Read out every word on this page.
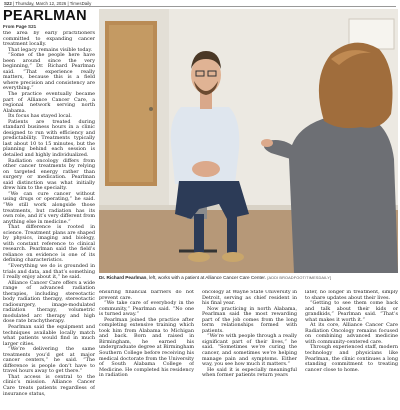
S22 | Thursday, March 12, 2026 | TimesDaily
PEARLMAN
From Page S21

the area by early practitioners committed to expanding cancer treatment locally.

That legacy remains visible today.

“Some of the people here have been around since the very beginning,” Dr. Richard Pearlman said. “That experience really matters, because this is a field where precision and consistency are everything.”

The practice eventually became part of Alliance Cancer Care, a regional network serving north Alabama.

Its focus has stayed local.

Patients are treated during standard business hours in a clinic designed to run with efficiency and predictability. Treatments typically last about 10 to 15 minutes, but the planning behind each session is detailed and highly individualized.

Radiation oncology differs from other cancer treatments by relying on targeted energy rather than surgery or medication. Pearlman said distinction was what initially drew him to the specialty.

“We can cure cancer without using drugs or operating,” he said. “We still work alongside those treatments, but radiation has its own role, and it’s very different from anything else in medicine.”

That difference is rooted in science. Treatment plans are shaped by physics, imaging and biology, with constant reference to clinical research. Pearlman said the field’s reliance on evidence is one of its defining characteristics.

“Everything we do is grounded in trials and data, and that’s something I really enjoy about it,” he said.

Alliance Cancer Care offers a wide range of advanced radiation therapies, including stereotactic body radiation therapy, stereotactic radiosurgery, image-modulated radiation therapy, volumetric modulated arc therapy and high dose rate brachytherapy.

Pearlman said the equipment and techniques available locally match what patients would find in much larger cities.

“We’re delivering the same treatments you’d get at major cancer centers,” he said. “The difference is people don’t have to travel hours away to get there.”

That access is central to the clinic’s mission. Alliance Cancer Care treats patients regardless of insurance status,

Dr. Richard Pearlman, left, works with a patient at Alliance Cancer Care Center. [ADDI BROADFOOT/TIMESDAILY]

ensuring financial barriers do not prevent care.

“We take care of everybody in the community,” Pearlman said. “No one is turned away.”

Pearlman joined the practice after completing extensive training which took him from Alabama to Michigan and back. Born and raised in Birmingham, he earned his undergraduate degree at Birmingham Southern College before receiving his medical doctorate from the University of South Alabama College of Medicine. He completed his residency in radiation

oncology at Wayne State University in Detroit, serving as chief resident in his final year.

Now practicing in north Alabama, Pearlman said the most rewarding part of the job comes from the long term relationships formed with patients.

“We’re with people through a really significant part of their lives,” he said. “Sometimes we’re curing the cancer, and sometimes we’re helping manage pain and symptoms. Either way, you see how much it matters.”

He said it is especially meaningful when former patients return years

later, no longer in treatment, simply to share updates about their lives.

“Getting to see them come back and talk about their kids or grandkids,” Pearlman said. “That’s what makes it worth it.”

At its core, Alliance Cancer Care Radiation Oncology remains focused on combining advanced medicine with community-centered care.

Through experienced staff, modern technology and physicians like Pearlman, the clinic continues a long standing commitment to treating cancer close to home.
